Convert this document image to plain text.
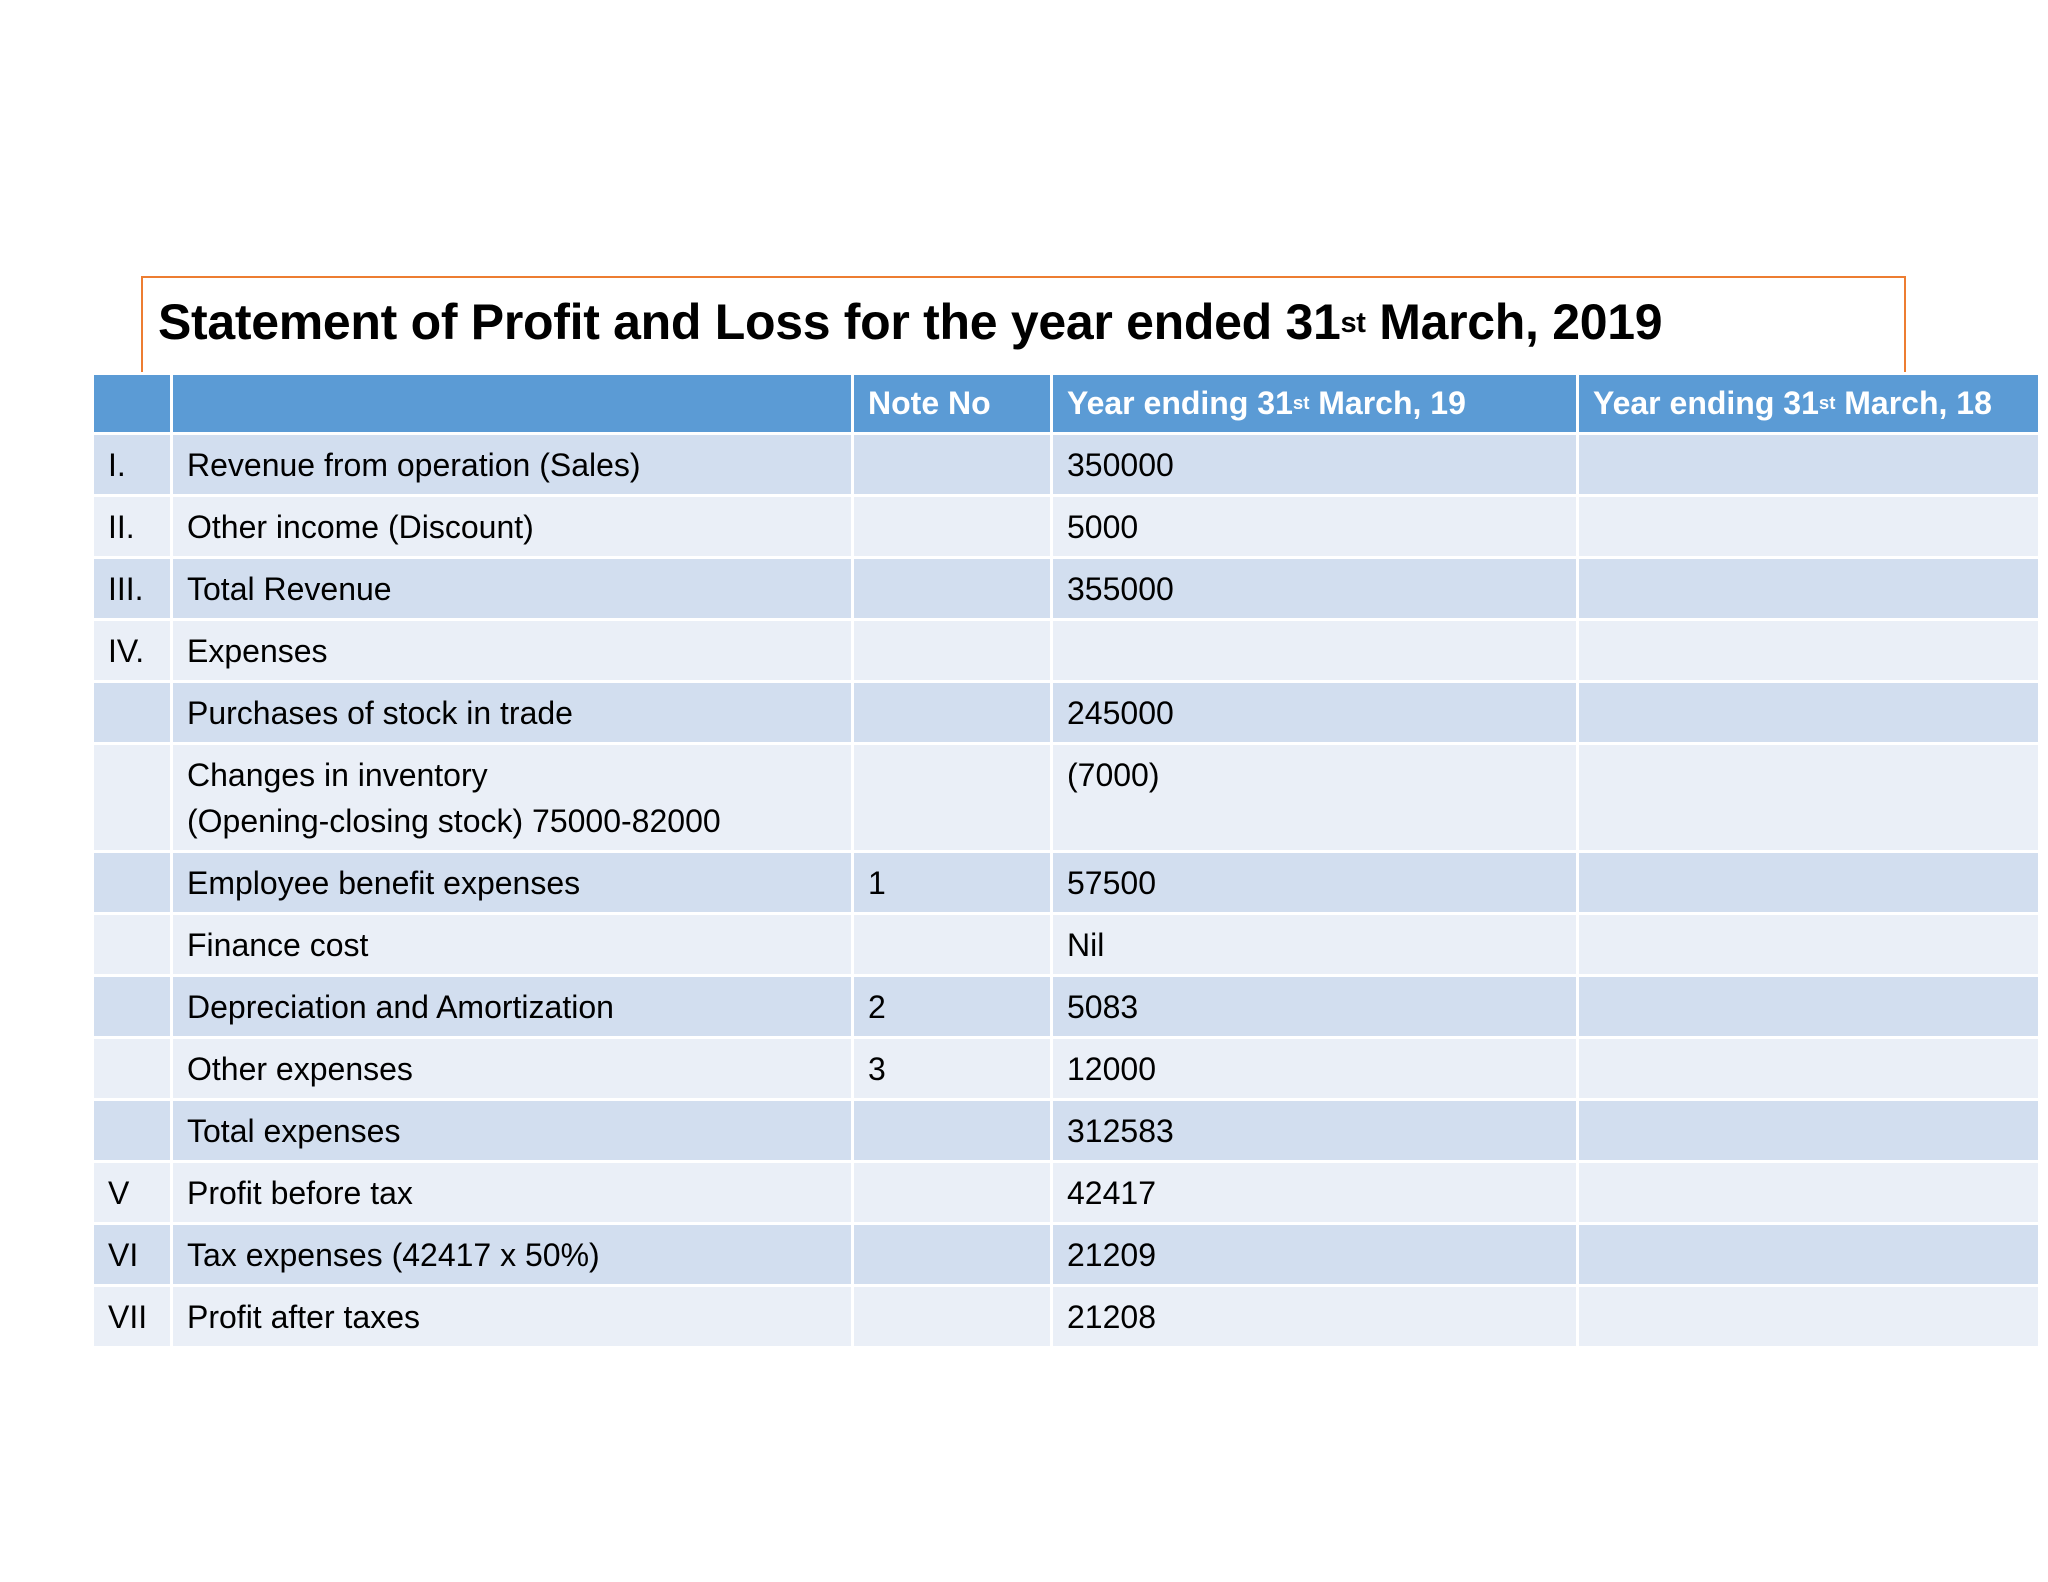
Statement of Profit and Loss for the year ended 31st March, 2019
		Note No	Year ending 31st March, 19	Year ending 31st March, 18
I.	Revenue from operation (Sales)		350000	
II.	Other income (Discount)		5000	
III.	Total Revenue		355000	
IV.	Expenses			
	Purchases of stock in trade		245000	

	Changes in inventory
(Opening-closing stock) 75000-82000		(7000)	
	Employee benefit expenses	1	57500	
	Finance cost		Nil	
	Depreciation and Amortization	2	5083	
	Other expenses	3	12000	
	Total expenses		312583	
V	Profit before tax		42417	
VI	Tax expenses (42417 x 50%)		21209	
VII	Profit after taxes		21208	
